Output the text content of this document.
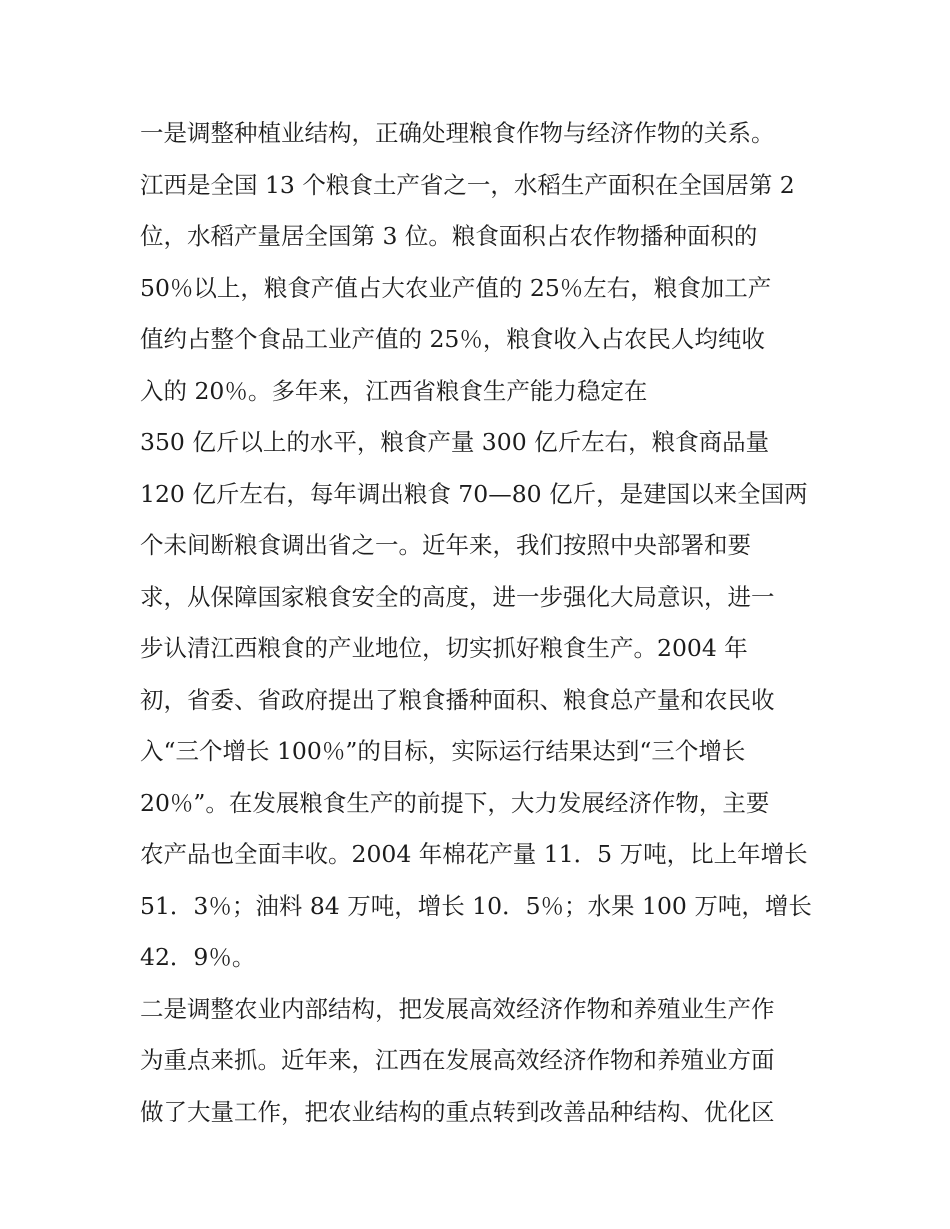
一是调整种植业结构，正确处理粮食作物与经济作物的关系。
江西是全国 13 个粮食土产省之一，水稻生产面积在全国居第 2
位，水稻产量居全国第 3 位。粮食面积占农作物播种面积的
50％以上，粮食产值占大农业产值的 25％左右，粮食加工产
值约占整个食品工业产值的 25％，粮食收入占农民人均纯收
入的 20％。多年来，江西省粮食生产能力稳定在
350 亿斤以上的水平，粮食产量 300 亿斤左右，粮食商品量
120 亿斤左右，每年调出粮食 70—80 亿斤，是建国以来全国两
个未间断粮食调出省之一。近年来，我们按照中央部署和要
求，从保障国家粮食安全的高度，进一步强化大局意识，进一
步认清江西粮食的产业地位，切实抓好粮食生产。2004 年
初，省委、省政府提出了粮食播种面积、粮食总产量和农民收
入“三个增长 100％”的目标，实际运行结果达到“三个增长
20％”。在发展粮食生产的前提下，大力发展经济作物，主要
农产品也全面丰收。2004 年棉花产量 11．5 万吨，比上年增长
51．3％；油料 84 万吨，增长 10．5％；水果 100 万吨，增长
42．9％。
二是调整农业内部结构，把发展高效经济作物和养殖业生产作
为重点来抓。近年来，江西在发展高效经济作物和养殖业方面
做了大量工作，把农业结构的重点转到改善品种结构、优化区
